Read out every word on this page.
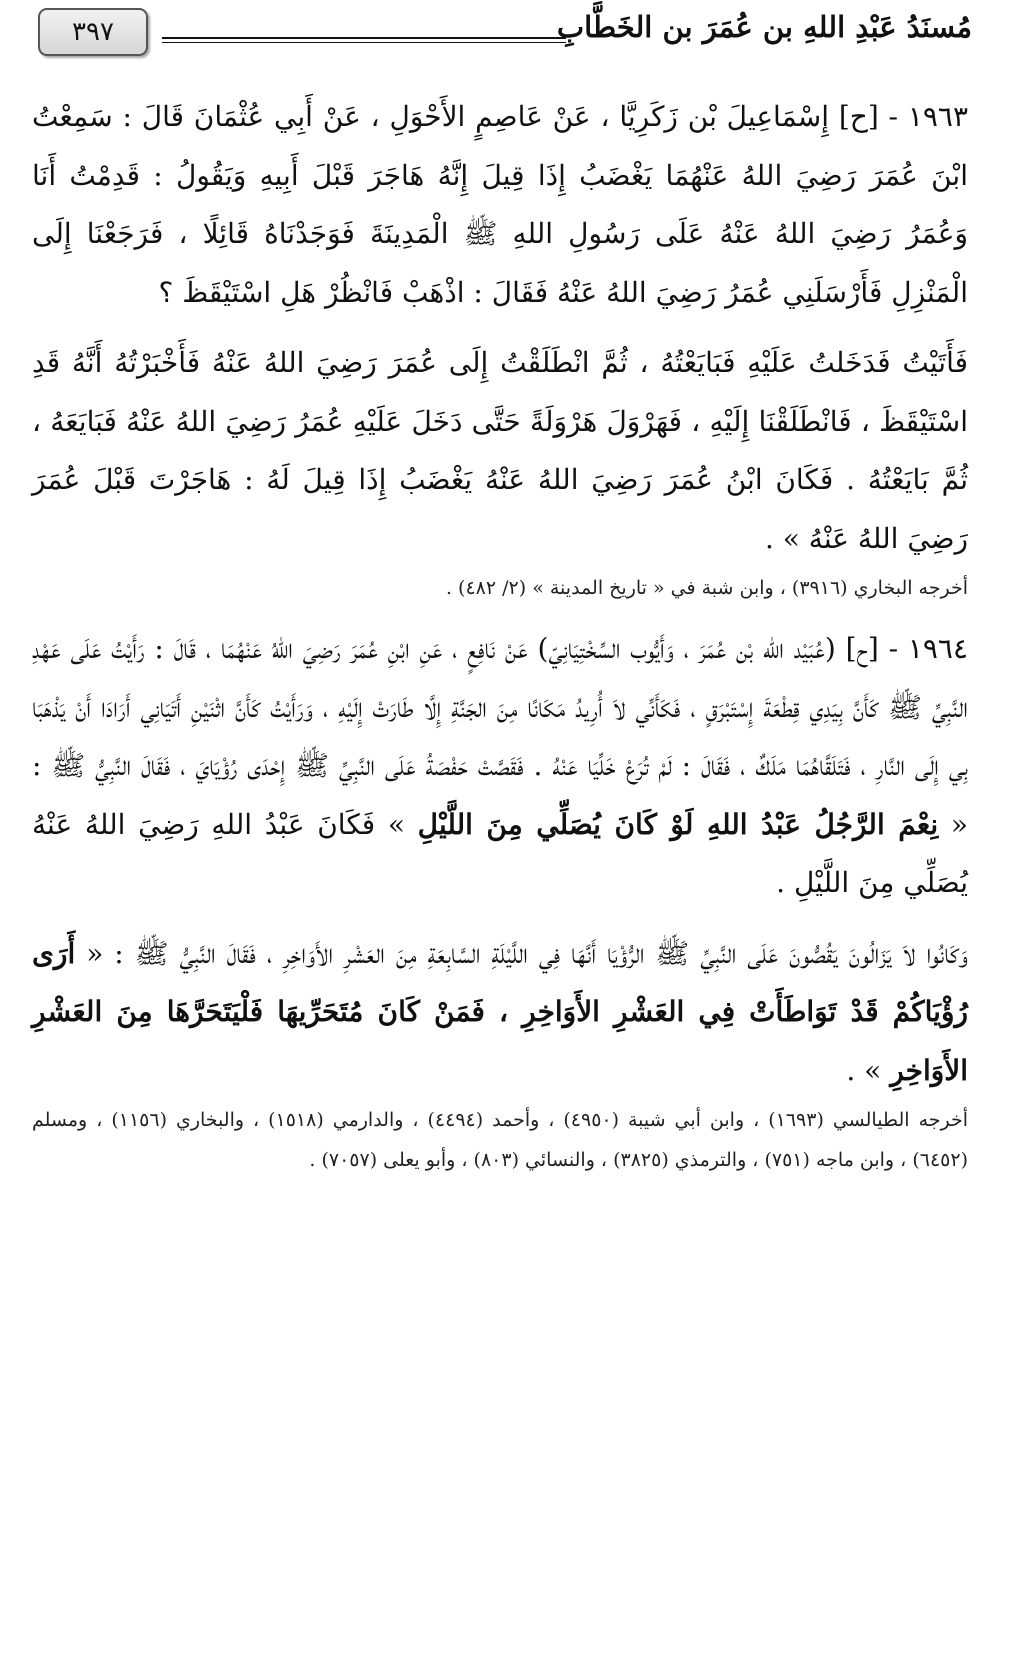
٣٩٧	مُسنَدُ عَبْدِ اللهِ بن عُمَرَ بن الخَطَّابِ

١٩٦٣ - [ح] إِسْمَاعِيلَ بْن زَكَرِيَّا ، عَنْ عَاصِمٍ الأَحْوَلِ ، عَنْ أَبِي عُثْمَانَ قَالَ : سَمِعْتُ ابْنَ عُمَرَ رَضِيَ اللهُ عَنْهُمَا يَغْضَبُ إِذَا قِيلَ إِنَّهُ هَاجَرَ قَبْلَ أَبِيهِ وَيَقُولُ : قَدِمْتُ أَنَا وَعُمَرُ رَضِيَ اللهُ عَنْهُ عَلَى رَسُولِ اللهِ ﷺ الْمَدِينَةَ فَوَجَدْنَاهُ قَائِلًا ، فَرَجَعْنَا إِلَى الْمَنْزِلِ فَأَرْسَلَنِي عُمَرُ رَضِيَ اللهُ عَنْهُ فَقَالَ : اذْهَبْ فَانْظُرْ هَلِ اسْتَيْقَظَ ؟

فَأَتَيْتُ فَدَخَلتُ عَلَيْهِ فَبَايَعْتُهُ ، ثُمَّ انْطَلَقْتُ إِلَى عُمَرَ رَضِيَ اللهُ عَنْهُ فَأَخْبَرْتُهُ أَنَّهُ قَدِ اسْتَيْقَظَ ، فَانْطَلَقْنَا إِلَيْهِ ، فَهَرْوَلَ هَرْوَلَةً حَتَّى دَخَلَ عَلَيْهِ عُمَرُ رَضِيَ اللهُ عَنْهُ فَبَايَعَهُ ، ثُمَّ بَايَعْتُهُ . فَكَانَ ابْنُ عُمَرَ رَضِيَ اللهُ عَنْهُ يَغْضَبُ إِذَا قِيلَ لَهُ : هَاجَرْتَ قَبْلَ عُمَرَ رَضِيَ اللهُ عَنْهُ » .

أخرجه البخاري (٣٩١٦) ، وابن شبة في « تاريخ المدينة » (٢/ ٤٨٢) .

١٩٦٤ - [ح] (عُبَيْد الله بْن عُمَرَ ، وَأَيُّوب السِّخْتِيَانِيّ) عَنْ نَافِعٍ ، عَنِ ابْنِ عُمَرَ رَضِيَ اللهُ عَنْهُمَا ، قَالَ : رَأَيْتُ عَلَى عَهْدِ النَّبِيِّ ﷺ كَأَنَّ بِيَدِي قِطْعَةَ إِسْتَبْرَقٍ ، فَكَأَنِّي لاَ أُرِيدُ مَكَانًا مِنَ الجَنَّةِ إِلَّا طَارَتْ إِلَيْهِ ، وَرَأَيْتُ كَأَنَّ اثْنَيْنِ أَتَيَانِي أَرَادَا أَنْ يَذْهَبَا بِي إِلَى النَّارِ ، فَتَلَقَّاهُمَا مَلَكٌ ، فَقَالَ : لَمْ تُرَعْ خَلِّيَا عَنْهُ . فَقَصَّتْ حَفْصَةُ عَلَى النَّبِيِّ ﷺ إِحْدَى رُؤْيَايَ ، فَقَالَ النَّبِيُّ ﷺ : « نِعْمَ الرَّجُلُ عَبْدُ اللهِ لَوْ كَانَ يُصَلِّي مِنَ اللَّيْلِ » فَكَانَ عَبْدُ اللهِ رَضِيَ اللهُ عَنْهُ يُصَلِّي مِنَ اللَّيْلِ .

وَكَانُوا لاَ يَزَالُونَ يَقُصُّونَ عَلَى النَّبِيِّ ﷺ الرُّؤْيَا أَنَّهَا فِي اللَّيْلَةِ السَّابِعَةِ مِنَ العَشْرِ الأَوَاخِرِ ، فَقَالَ النَّبِيُّ ﷺ : « أَرَى رُؤْيَاكُمْ قَدْ تَوَاطَأَتْ فِي العَشْرِ الأَوَاخِرِ ، فَمَنْ كَانَ مُتَحَرِّيهَا فَلْيَتَحَرَّهَا مِنَ العَشْرِ الأَوَاخِرِ » .

أخرجه الطيالسي (١٦٩٣) ، وابن أبي شيبة (٤٩٥٠) ، وأحمد (٤٤٩٤) ، والدارمي (١٥١٨) ، والبخاري (١١٥٦) ، ومسلم (٦٤٥٢) ، وابن ماجه (٧٥١) ، والترمذي (٣٨٢٥) ، والنسائي (٨٠٣) ، وأبو يعلى (٧٠٥٧) .
